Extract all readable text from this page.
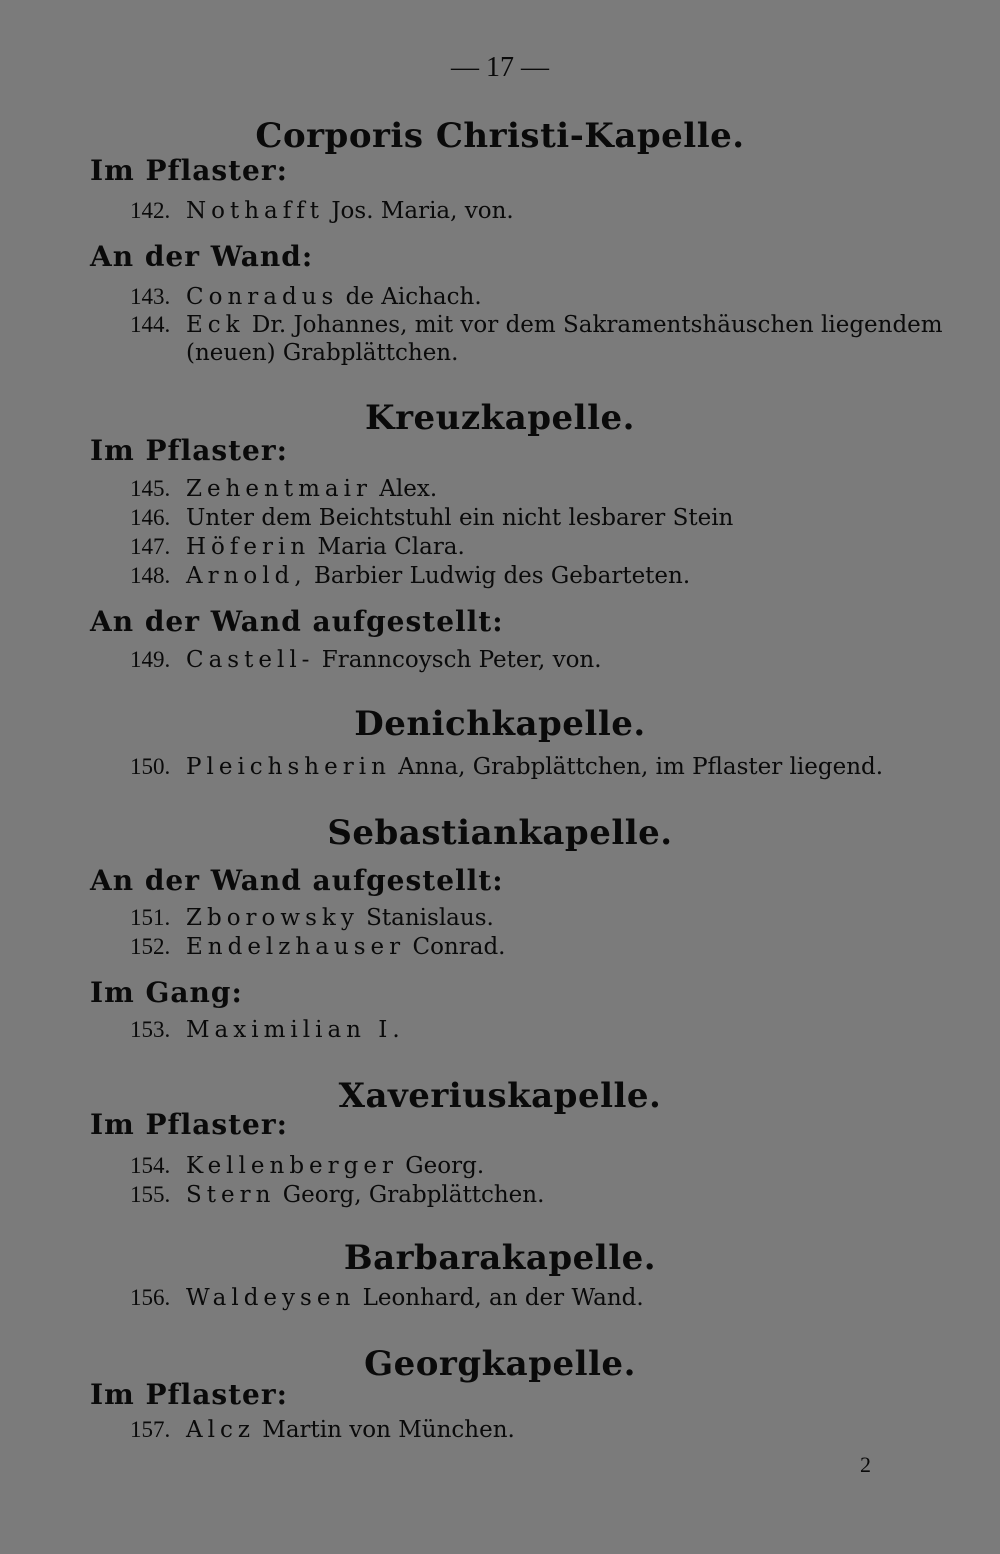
— 17 —
Corporis Christi-Kapelle.
Im Pflaster:
142. Nothafft Jos. Maria, von.
An der Wand:
143. Conradus de Aichach.
144. Eck Dr. Johannes, mit vor dem Sakramentshäuschen liegendem
(neuen) Grabplättchen.
Kreuzkapelle.
Im Pflaster:
145. Zehentmair Alex.
146. Unter dem Beichtstuhl ein nicht lesbarer Stein
147. Höferin Maria Clara.
148. Arnold, Barbier Ludwig des Gebarteten.
An der Wand aufgestellt:
149. Castell- Franncoysch Peter, von.
Denichkapelle.
150. Pleichsherin Anna, Grabplättchen, im Pflaster liegend.
Sebastiankapelle.
An der Wand aufgestellt:
151. Zborowsky Stanislaus.
152. Endelzhauser Conrad.
Im Gang:
153. Maximilian I.
Xaveriuskapelle.
Im Pflaster:
154. Kellenberger Georg.
155. Stern Georg, Grabplättchen.
Barbarakapelle.
156. Waldeysen Leonhard, an der Wand.
Georgkapelle.
Im Pflaster:
157. Alcz Martin von München.
2
